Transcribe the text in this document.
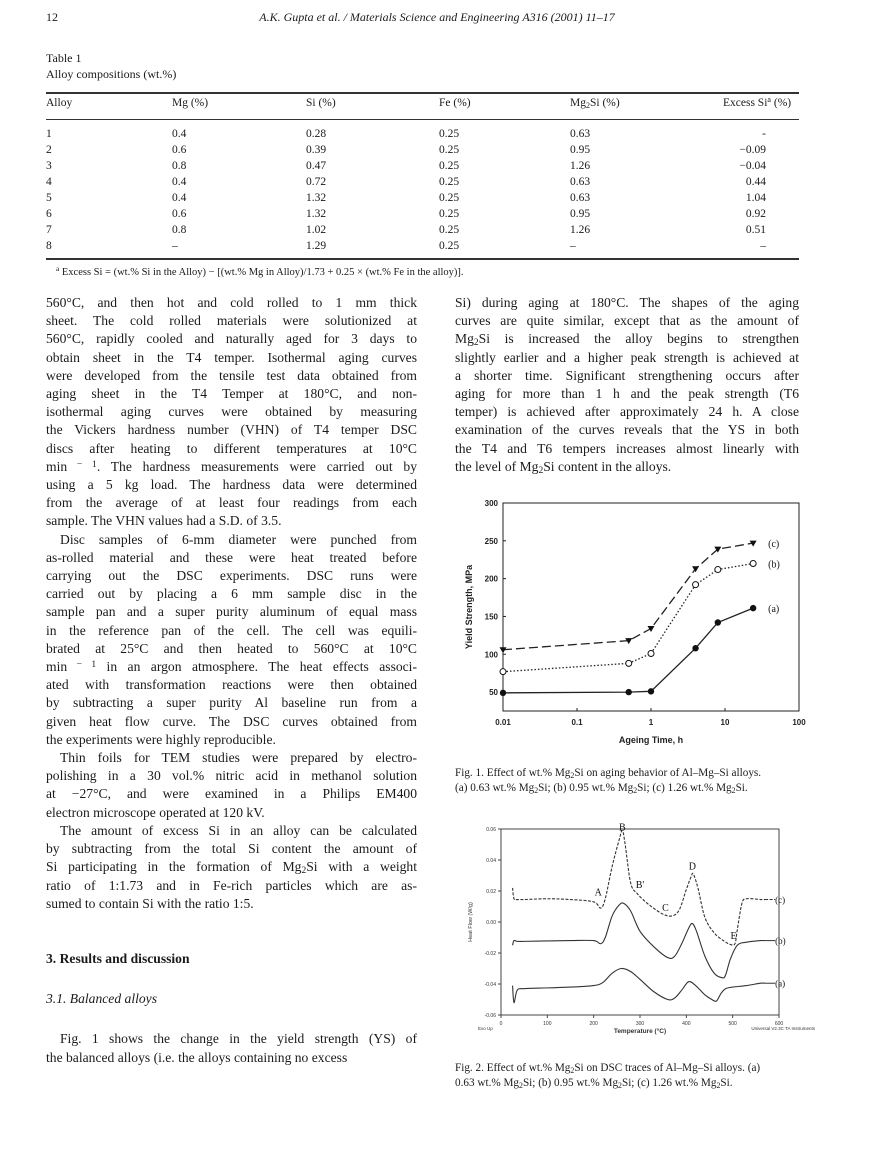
12	A.K. Gupta et al. / Materials Science and Engineering A316 (2001) 11–17
Table 1
Alloy compositions (wt.%)
Alloy	Mg (%)	Si (%)	Fe (%)	$Mg_2Si$ (%)	Excess Si$^a$ (%)
1	0.4	0.28	0.25	0.63	-
2	0.6	0.39	0.25	0.95	−0.09
3	0.8	0.47	0.25	1.26	−0.04
4	0.4	0.72	0.25	0.63	0.44
5	0.4	1.32	0.25	0.63	1.04
6	0.6	1.32	0.25	0.95	0.92
7	0.8	1.02	0.25	1.26	0.51
8	–	1.29	0.25	–	–
$^a$ Excess Si = (wt.% Si in the Alloy) − [(wt.% Mg in Alloy)/1.73 + 0.25 × (wt.% Fe in the alloy)].
560°C, and then hot and cold rolled to 1 mm thick
sheet. The cold rolled materials were solutionized at
560°C, rapidly cooled and naturally aged for 3 days to
obtain sheet in the T4 temper. Isothermal aging curves
were developed from the tensile test data obtained from
aging sheet in the T4 Temper at 180°C, and non-
isothermal aging curves were obtained by measuring
the Vickers hardness number (VHN) of T4 temper DSC
discs after heating to different temperatures at 10°C
min $^{- 1}$. The hardness measurements were carried out by
using a 5 kg load. The hardness data were determined
from the average of at least four readings from each
sample. The VHN values had a S.D. of 3.5.
Disc samples of 6-mm diameter were punched from
as-rolled material and these were heat treated before
carrying out the DSC experiments. DSC runs were
carried out by placing a 6 mm sample disc in the
sample pan and a super purity aluminum of equal mass
in the reference pan of the cell. The cell was equili-
brated at 25°C and then heated to 560°C at 10°C
min $^{- 1}$ in an argon atmosphere. The heat effects associ-
ated with transformation reactions were then obtained
by subtracting a super purity Al baseline run from a
given heat flow curve. The DSC curves obtained from
the experiments were highly reproducible.
Thin foils for TEM studies were prepared by electro-
polishing in a 30 vol.% nitric acid in methanol solution
at −27°C, and were examined in a Philips EM400
electron microscope operated at 120 kV.
The amount of excess Si in an alloy can be calculated
by subtracting from the total Si content the amount of
Si participating in the formation of $Mg_2Si$ with a weight
ratio of 1:1.73 and in Fe-rich particles which are as-
sumed to contain Si with the ratio 1:5.
3. Results and discussion
3.1. Balanced alloys
Fig. 1 shows the change in the yield strength (YS) of
the balanced alloys (i.e. the alloys containing no excess
Si) during aging at 180°C. The shapes of the aging
curves are quite similar, except that as the amount of
$Mg_2Si$ is increased the alloy begins to strengthen
slightly earlier and a higher peak strength is achieved at
a shorter time. Significant strengthening occurs after
aging for more than 1 h and the peak strength (T6
temper) is achieved after approximately 24 h. A close
examination of the curves reveals that the YS in both
the T4 and T6 tempers increases almost linearly with
the level of $Mg_2Si$ content in the alloys.
50
100
150
200
250
300
0.01	0.1	1	10	100
Ageing Time, h
Yield Strength, MPa	(a)
(b)
(c)
Fig. 1. Effect of wt.% $Mg_2Si$ on aging behavior of Al–Mg–Si alloys.
(a) 0.63 wt.% $Mg_2Si$; (b) 0.95 wt.% $Mg_2Si$; (c) 1.26 wt.% $Mg_2Si$.
-0.06
-0.04
-0.02
0.00
0.02
0.04
0.06
0	100	200	300	400	500	600
Temperature (°C)
Heat Flow (W/g)
Exo Up	Universal V2.3C TA Instruments
(a)
(b)
(c)
A
B
B'
C
D
E
Fig. 2. Effect of wt.% $Mg_2Si$ on DSC traces of Al–Mg–Si alloys. (a)
0.63 wt.% $Mg_2Si$; (b) 0.95 wt.% $Mg_2Si$; (c) 1.26 wt.% $Mg_2Si$.
